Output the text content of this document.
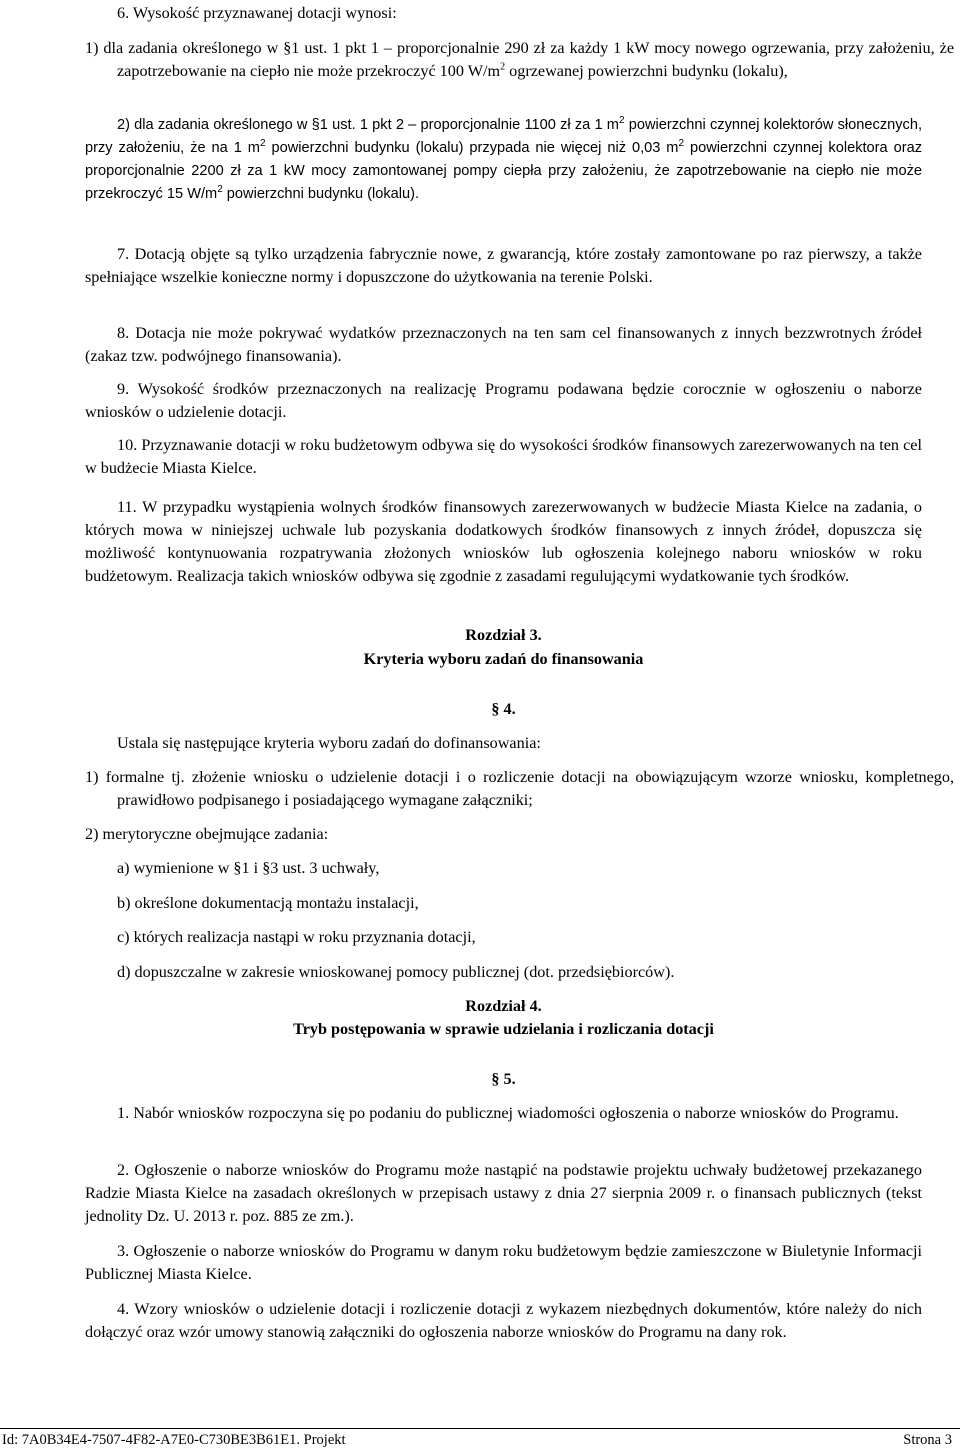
6. Wysokość przyznawanej dotacji wynosi:

1) dla zadania określonego w §1 ust. 1 pkt 1 – proporcjonalnie 290 zł za każdy 1 kW mocy nowego ogrzewania, przy założeniu, że zapotrzebowanie na ciepło nie może przekroczyć 100 $W/m^2$ ogrzewanej powierzchni budynku (lokalu),

2) dla zadania określonego w §1 ust. 1 pkt 2 – proporcjonalnie 1100 zł za 1 $m^2$ powierzchni czynnej kolektorów słonecznych, przy założeniu, że na 1 $m^2$ powierzchni budynku (lokalu) przypada nie więcej niż 0,03 $m^2$ powierzchni czynnej kolektora oraz proporcjonalnie 2200 zł za 1 kW mocy zamontowanej pompy ciepła przy założeniu, że zapotrzebowanie na ciepło nie może przekroczyć 15 $W/m^2$ powierzchni budynku (lokalu).

7. Dotacją objęte są tylko urządzenia fabrycznie nowe, z gwarancją, które zostały zamontowane po raz pierwszy, a także spełniające wszelkie konieczne normy i dopuszczone do użytkowania na terenie Polski.

8. Dotacja nie może pokrywać wydatków przeznaczonych na ten sam cel finansowanych z innych bezzwrotnych źródeł (zakaz tzw. podwójnego finansowania).

9. Wysokość środków przeznaczonych na realizację Programu podawana będzie corocznie w ogłoszeniu o naborze wniosków o udzielenie dotacji.

10. Przyznawanie dotacji w roku budżetowym odbywa się do wysokości środków finansowych zarezerwowanych na ten cel w budżecie Miasta Kielce.

11. W przypadku wystąpienia wolnych środków finansowych zarezerwowanych w budżecie Miasta Kielce na zadania, o których mowa w niniejszej uchwale lub pozyskania dodatkowych środków finansowych z innych źródeł, dopuszcza się możliwość kontynuowania rozpatrywania złożonych wniosków lub ogłoszenia kolejnego naboru wniosków w roku budżetowym. Realizacja takich wniosków odbywa się zgodnie z zasadami regulującymi wydatkowanie tych środków.

Rozdział 3.

Kryteria wyboru zadań do finansowania

§ 4.

Ustala się następujące kryteria wyboru zadań do dofinansowania:

1) formalne tj. złożenie wniosku o udzielenie dotacji i o rozliczenie dotacji na obowiązującym wzorze wniosku, kompletnego, prawidłowo podpisanego i posiadającego wymagane załączniki;

2) merytoryczne obejmujące zadania:

a) wymienione w §1 i §3 ust. 3 uchwały,

b) określone dokumentacją montażu instalacji,

c) których realizacja nastąpi w roku przyznania dotacji,

d) dopuszczalne w zakresie wnioskowanej pomocy publicznej (dot. przedsiębiorców).

Rozdział 4.

Tryb postępowania w sprawie udzielania i rozliczania dotacji

§ 5.

1. Nabór wniosków rozpoczyna się po podaniu do publicznej wiadomości ogłoszenia o naborze wniosków do Programu.

2. Ogłoszenie o naborze wniosków do Programu może nastąpić na podstawie projektu uchwały budżetowej przekazanego Radzie Miasta Kielce na zasadach określonych w przepisach ustawy z dnia 27 sierpnia 2009 r. o finansach publicznych (tekst jednolity Dz. U. 2013 r. poz. 885 ze zm.).

3. Ogłoszenie o naborze wniosków do Programu w danym roku budżetowym będzie zamieszczone w Biuletynie Informacji Publicznej Miasta Kielce.

4. Wzory wniosków o udzielenie dotacji i rozliczenie dotacji z wykazem niezbędnych dokumentów, które należy do nich dołączyć oraz wzór umowy stanowią załączniki do ogłoszenia naborze wniosków do Programu na dany rok.

Id: 7A0B34E4-7507-4F82-A7E0-C730BE3B61E1. Projekt	Strona 3
